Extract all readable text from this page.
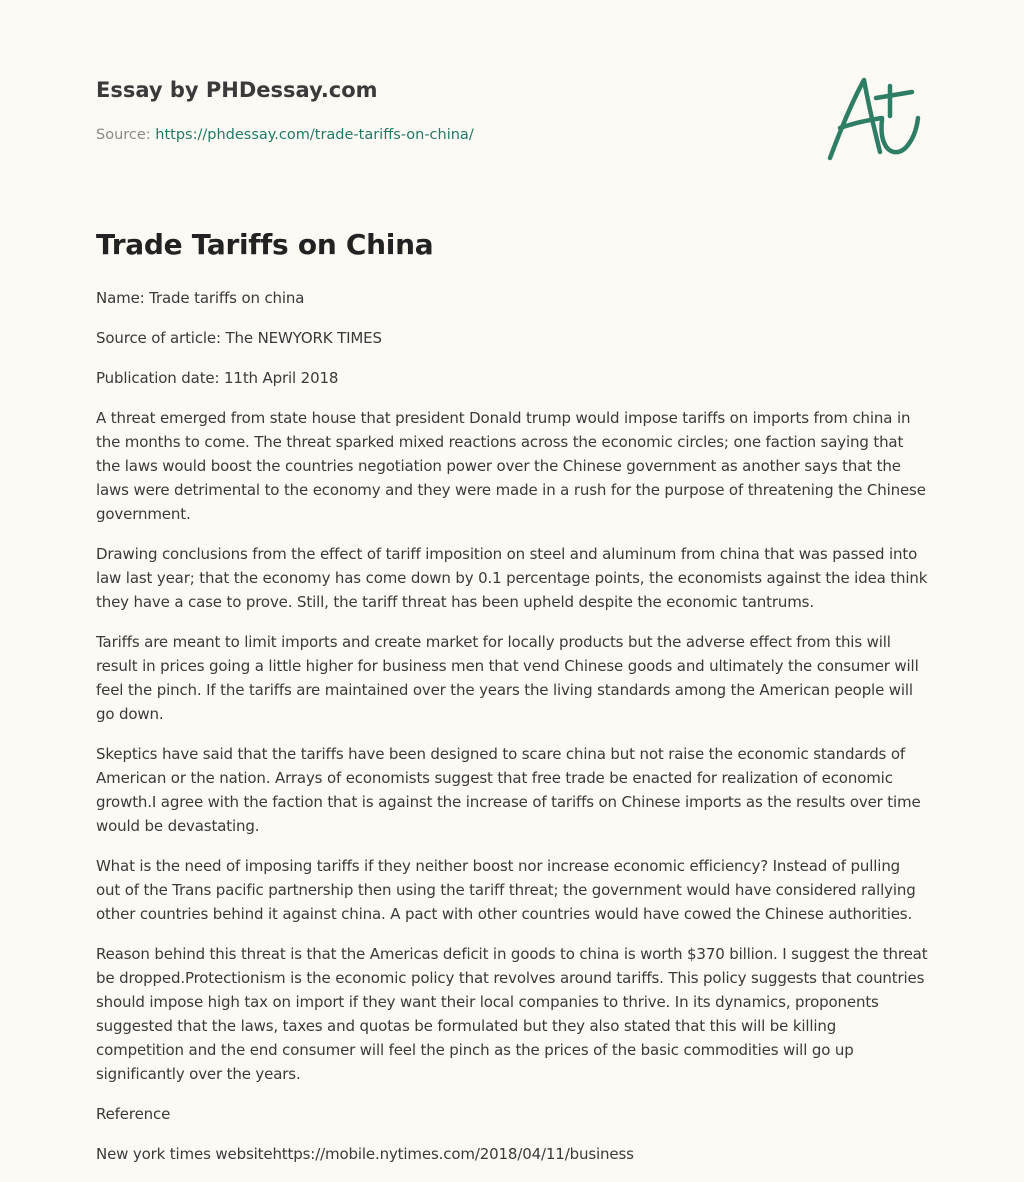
Essay by PHDessay.com
Source: https://phdessay.com/trade-tariffs-on-china/
Trade Tariffs on China

Name: Trade tariffs on china

Source of article: The NEWYORK TIMES

Publication date: 11th April 2018

A threat emerged from state house that president Donald trump would impose tariffs on imports from china in the months to come. The threat sparked mixed reactions across the economic circles; one faction saying that the laws would boost the countries negotiation power over the Chinese government as another says that the laws were detrimental to the economy and they were made in a rush for the purpose of threatening the Chinese government.

Drawing conclusions from the effect of tariff imposition on steel and aluminum from china that was passed into law last year; that the economy has come down by 0.1 percentage points, the economists against the idea think they have a case to prove. Still, the tariff threat has been upheld despite the economic tantrums.

Tariffs are meant to limit imports and create market for locally products but the adverse effect from this will result in prices going a little higher for business men that vend Chinese goods and ultimately the consumer will feel the pinch. If the tariffs are maintained over the years the living standards among the American people will go down.

Skeptics have said that the tariffs have been designed to scare china but not raise the economic standards of American or the nation. Arrays of economists suggest that free trade be enacted for realization of economic growth.I agree with the faction that is against the increase of tariffs on Chinese imports as the results over time would be devastating.

What is the need of imposing tariffs if they neither boost nor increase economic efficiency? Instead of pulling out of the Trans pacific partnership then using the tariff threat; the government would have considered rallying other countries behind it against china. A pact with other countries would have cowed the Chinese authorities.

Reason behind this threat is that the Americas deficit in goods to china is worth $370 billion. I suggest the threat be dropped.Protectionism is the economic policy that revolves around tariffs. This policy suggests that countries should impose high tax on import if they want their local companies to thrive. In its dynamics, proponents suggested that the laws, taxes and quotas be formulated but they also stated that this will be killing competition and the end consumer will feel the pinch as the prices of the basic commodities will go up significantly over the years.

Reference

New york times websitehttps://mobile.nytimes.com/2018/04/11/business
